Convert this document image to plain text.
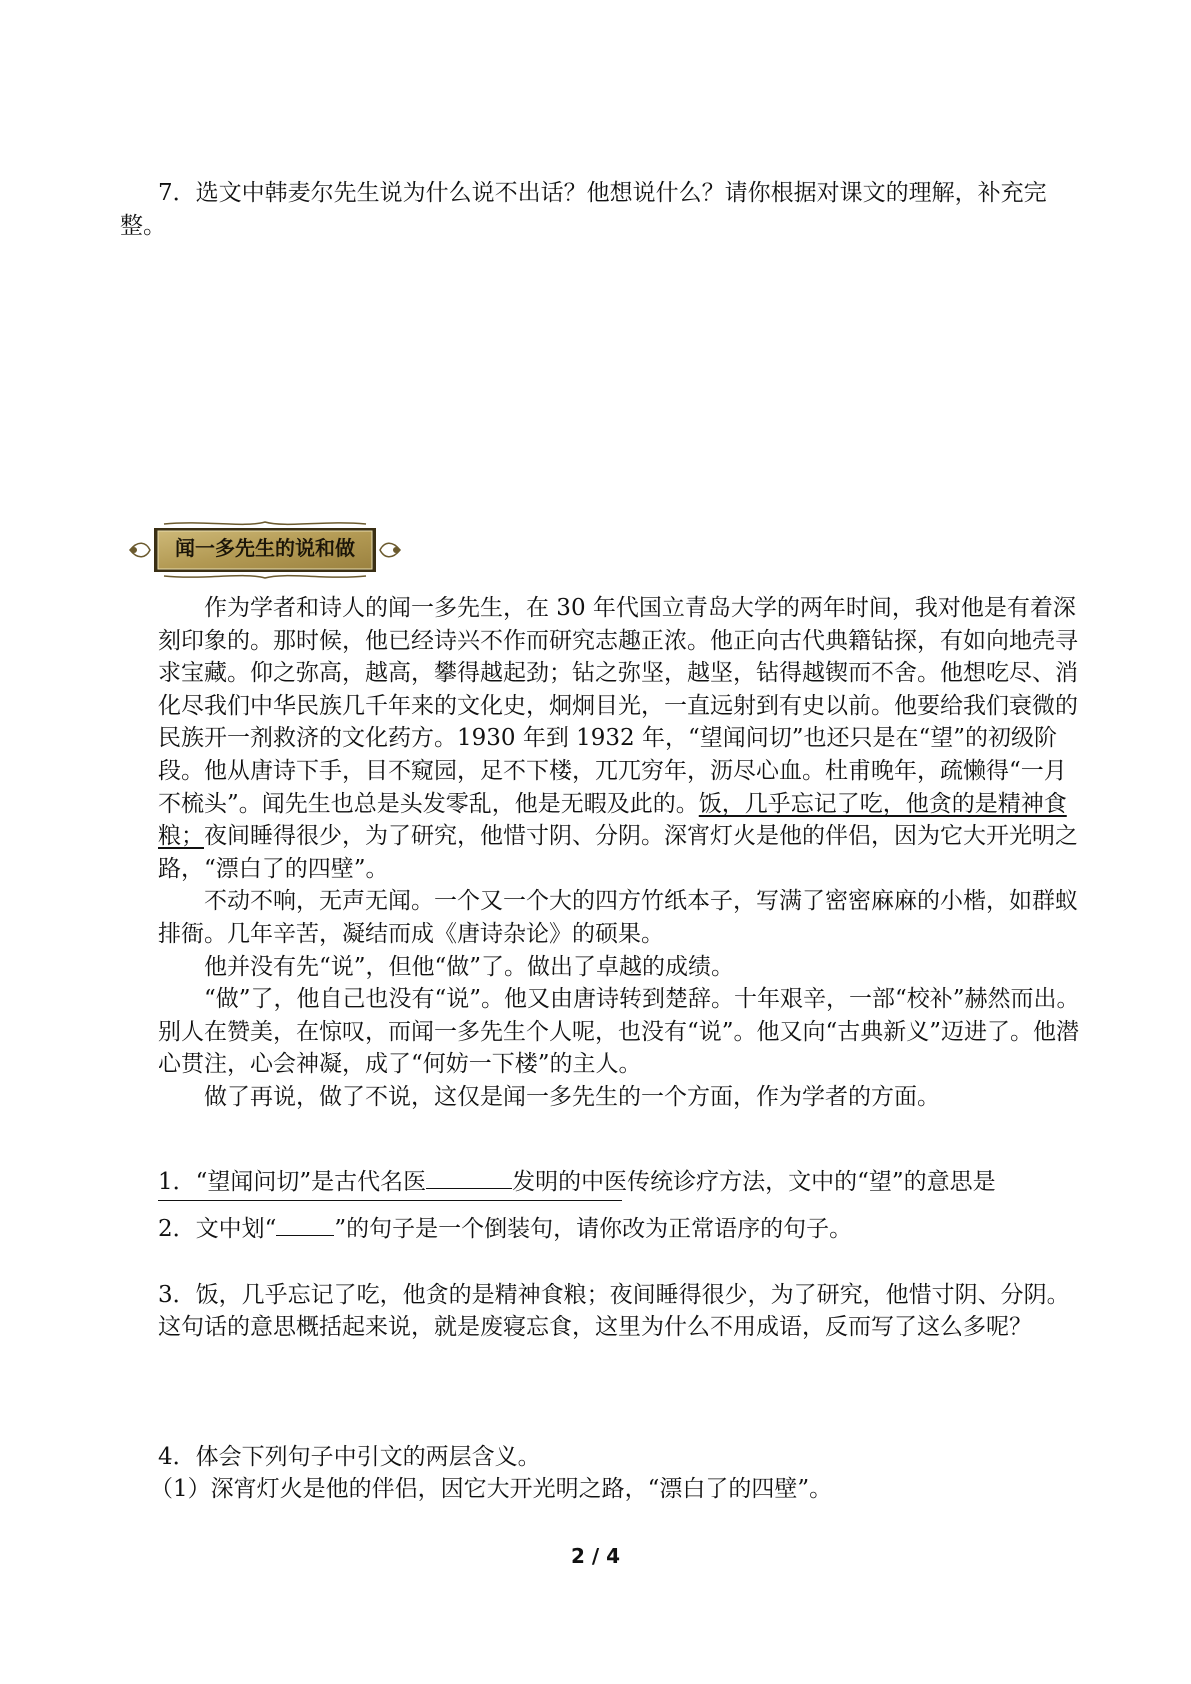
7．选文中韩麦尔先生说为什么说不出话？他想说什么？请你根据对课文的理解，补充完

整。

闻一多先生的说和做

作为学者和诗人的闻一多先生，在 30 年代国立青岛大学的两年时间，我对他是有着深刻印象的。那时候，他已经诗兴不作而研究志趣正浓。他正向古代典籍钻探，有如向地壳寻求宝藏。仰之弥高，越高，攀得越起劲；钻之弥坚，越坚，钻得越锲而不舍。他想吃尽、消化尽我们中华民族几千年来的文化史，炯炯目光，一直远射到有史以前。他要给我们衰微的民族开一剂救济的文化药方。1930 年到 1932 年，“望闻问切”也还只是在“望”的初级阶段。他从唐诗下手，目不窥园，足不下楼，兀兀穷年，沥尽心血。杜甫晚年，疏懒得“一月不梳头”。闻先生也总是头发零乱，他是无暇及此的。饭，几乎忘记了吃，他贪的是精神食粮；夜间睡得很少，为了研究，他惜寸阴、分阴。深宵灯火是他的伴侣，因为它大开光明之路，“漂白了的四壁”。

不动不响，无声无闻。一个又一个大的四方竹纸本子，写满了密密麻麻的小楷，如群蚁排衙。几年辛苦，凝结而成《唐诗杂论》的硕果。

他并没有先“说”，但他“做”了。做出了卓越的成绩。

“做”了，他自己也没有“说”。他又由唐诗转到楚辞。十年艰辛，一部“校补”赫然而出。别人在赞美，在惊叹，而闻一多先生个人呢，也没有“说”。他又向“古典新义”迈进了。他潜心贯注，心会神凝，成了“何妨一下楼”的主人。

做了再说，做了不说，这仅是闻一多先生的一个方面，作为学者的方面。

1．“望闻问切”是古代名医	发明的中医传统诊疗方法，文中的“望”的意思是

2．文中划“	”的句子是一个倒装句，请你改为正常语序的句子。

3．饭，几乎忘记了吃，他贪的是精神食粮；夜间睡得很少，为了研究，他惜寸阴、分阴。

这句话的意思概括起来说，就是废寝忘食，这里为什么不用成语，反而写了这么多呢？

4．体会下列句子中引文的两层含义。

（1）深宵灯火是他的伴侣，因它大开光明之路，“漂白了的四壁”。

2 / 4
